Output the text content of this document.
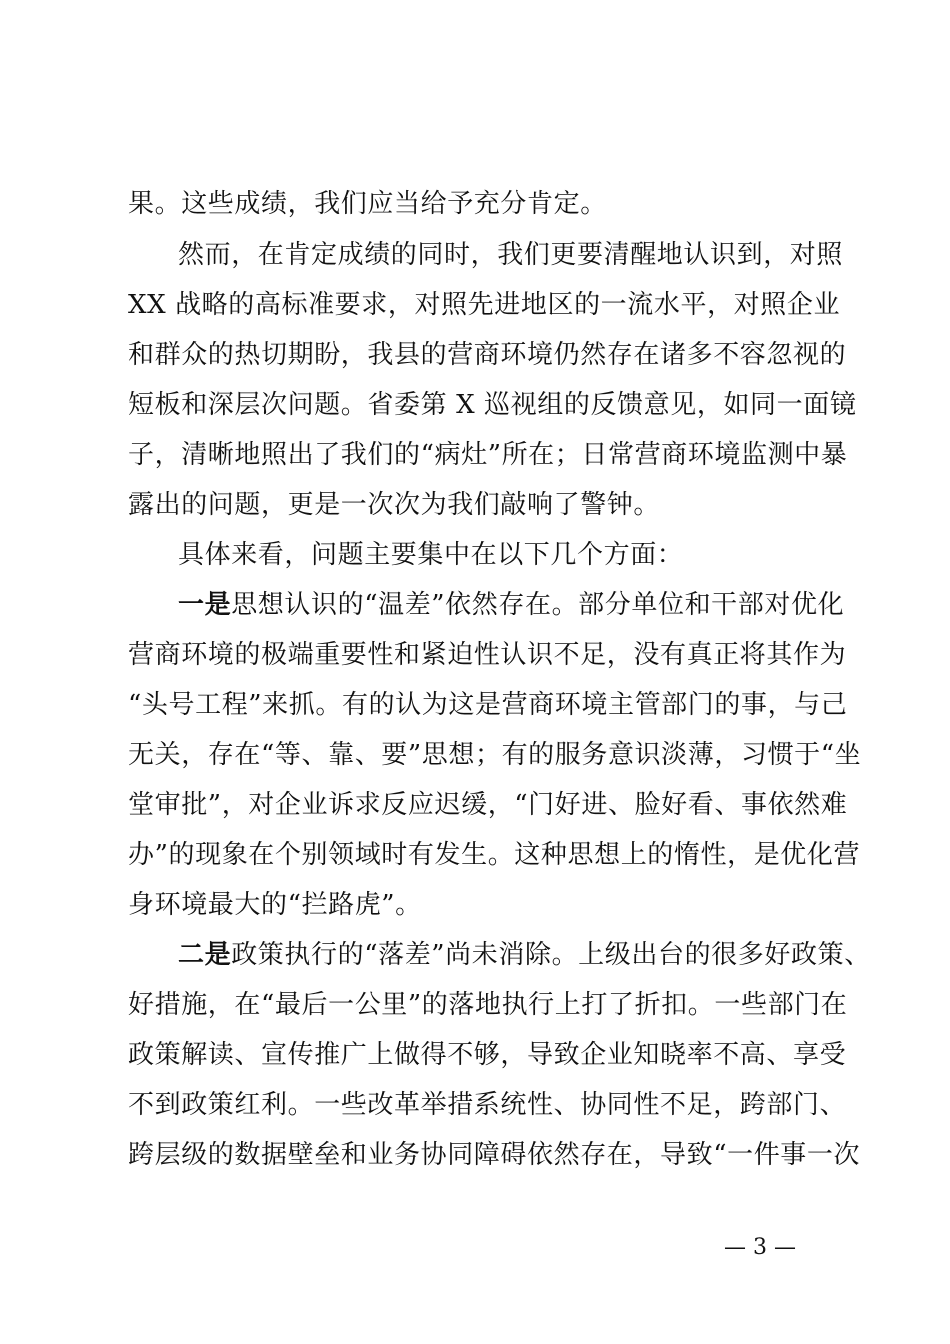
果。这些成绩，我们应当给予充分肯定。
然而，在肯定成绩的同时，我们更要清醒地认识到，对照
XX 战略的高标准要求，对照先进地区的一流水平，对照企业
和群众的热切期盼，我县的营商环境仍然存在诸多不容忽视的
短板和深层次问题。省委第 X 巡视组的反馈意见，如同一面镜
子，清晰地照出了我们的“病灶”所在；日常营商环境监测中暴
露出的问题，更是一次次为我们敲响了警钟。
具体来看，问题主要集中在以下几个方面：
一是思想认识的“温差”依然存在。部分单位和干部对优化
营商环境的极端重要性和紧迫性认识不足，没有真正将其作为
“头号工程”来抓。有的认为这是营商环境主管部门的事，与己
无关，存在“等、靠、要”思想；有的服务意识淡薄，习惯于“坐
堂审批”，对企业诉求反应迟缓，“门好进、脸好看、事依然难
办”的现象在个别领域时有发生。这种思想上的惰性，是优化营
身环境最大的“拦路虎”。
二是政策执行的“落差”尚未消除。上级出台的很多好政策、
好措施，在“最后一公里”的落地执行上打了折扣。一些部门在
政策解读、宣传推广上做得不够，导致企业知晓率不高、享受
不到政策红利。一些改革举措系统性、协同性不足，跨部门、
跨层级的数据壁垒和业务协同障碍依然存在，导致“一件事一次
— 3 —
